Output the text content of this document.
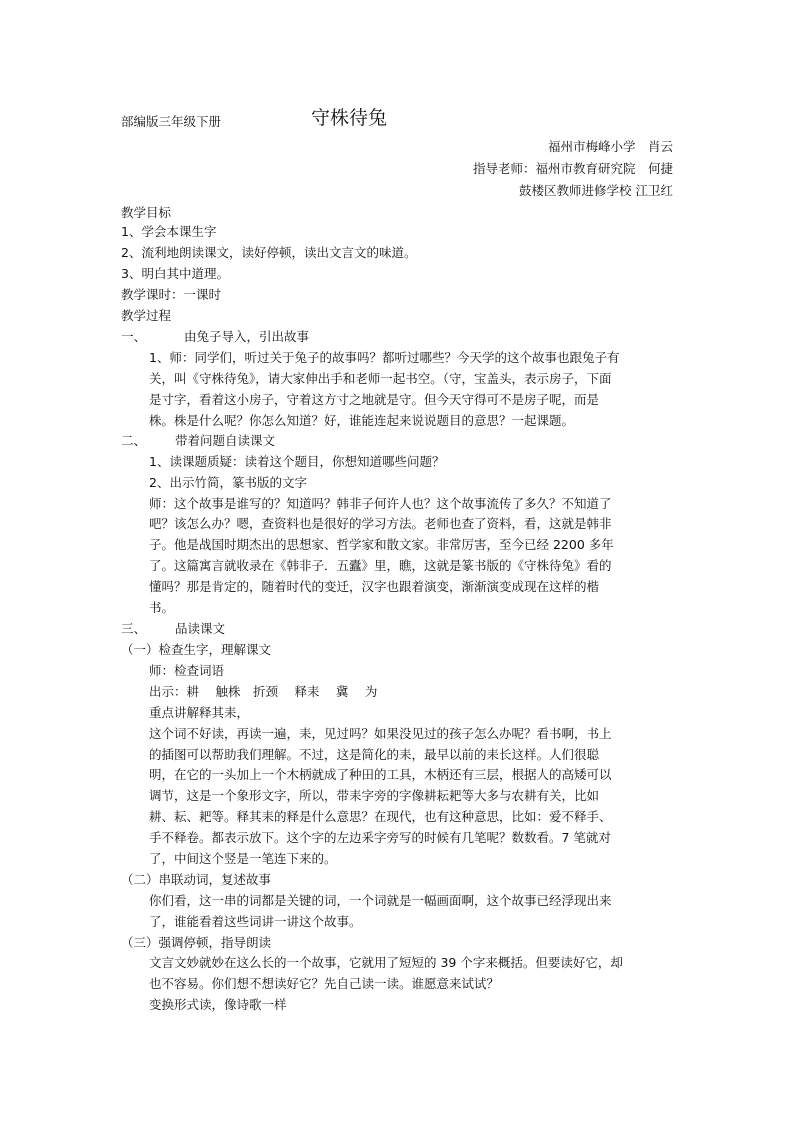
部编版三年级下册	守株待兔
福州市梅峰小学　肖云
指导老师：福州市教育研究院　何捷
鼓楼区教师进修学校 江卫红
教学目标
1、学会本课生字
2、流利地朗读课文，读好停顿，读出文言文的味道。
3、明白其中道理。
教学课时：一课时
教学过程
一、	由兔子导入，引出故事
1、师：同学们，听过关于兔子的故事吗？都听过哪些？今天学的这个故事也跟兔子有
关，叫《守株待兔》，请大家伸出手和老师一起书空。（守，宝盖头，表示房子，下面
是寸字，看着这小房子，守着这方寸之地就是守。但今天守得可不是房子呢，而是
株。株是什么呢？你怎么知道？好，谁能连起来说说题目的意思？一起课题。
二、 带着问题自读课文
1、读课题质疑：读着这个题目，你想知道哪些问题？
2、出示竹简，篆书版的文字
师：这个故事是谁写的？知道吗？韩非子何许人也？这个故事流传了多久？不知道了
吧？该怎么办？嗯，查资料也是很好的学习方法。老师也查了资料，看，这就是韩非
子。他是战国时期杰出的思想家、哲学家和散文家。非常厉害，至今已经 2200 多年
了。这篇寓言就收录在《韩非子．五蠹》里，瞧，这就是篆书版的《守株待兔》看的
懂吗？那是肯定的，随着时代的变迁，汉字也跟着演变，渐渐演变成现在这样的楷
书。
三、 品读课文
（一）检查生字，理解课文
师：检查词语
出示：耕　 触株　折颈　 释耒　 冀　 为
重点讲解释其耒，
这个词不好读，再读一遍，耒，见过吗？如果没见过的孩子怎么办呢？看书啊，书上
的插图可以帮助我们理解。不过，这是简化的耒，最早以前的耒长这样。人们很聪
明，在它的一头加上一个木柄就成了种田的工具，木柄还有三层，根据人的高矮可以
调节，这是一个象形文字，所以，带耒字旁的字像耕耘耙等大多与农耕有关，比如
耕、耘、耙等。释其耒的释是什么意思？在现代，也有这种意思，比如：爱不释手、
手不释卷。都表示放下。这个字的左边釆字旁写的时候有几笔呢？数数看。7 笔就对
了，中间这个竖是一笔连下来的。
（二）串联动词，复述故事
你们看，这一串的词都是关键的词，一个词就是一幅画面啊，这个故事已经浮现出来
了，谁能看着这些词讲一讲这个故事。
（三）强调停顿，指导朗读
文言文妙就妙在这么长的一个故事，它就用了短短的 39 个字来概括。但要读好它，却
也不容易。你们想不想读好它？先自己读一读。谁愿意来试试？
变换形式读，像诗歌一样
